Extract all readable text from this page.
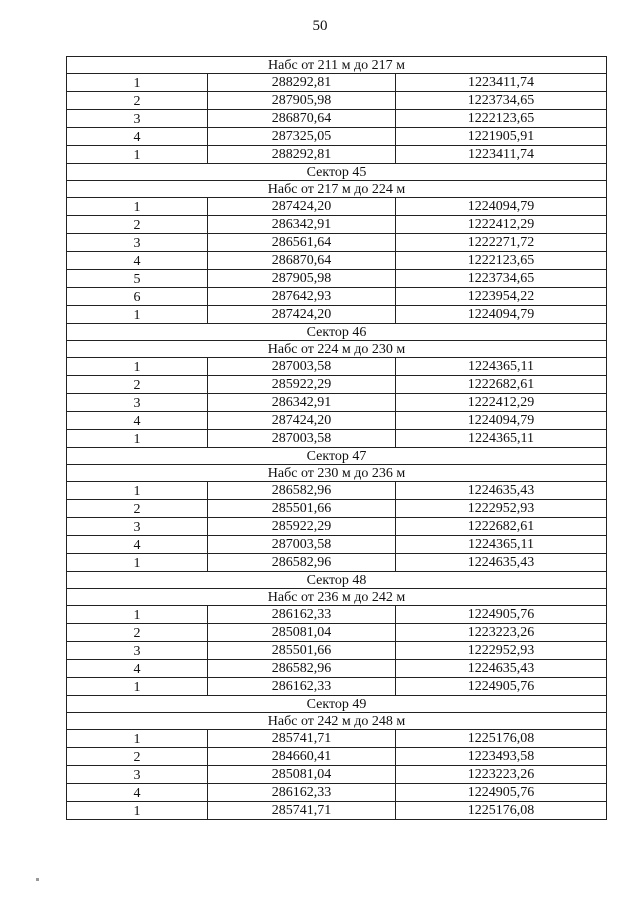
50
Набс от 211 м до 217 м		
1	288292,81	1223411,74
2	287905,98	1223734,65
3	286870,64	1222123,65
4	287325,05	1221905,91
1	288292,81	1223411,74
Сектор 45		
Набс от 217 м до 224 м		
1	287424,20	1224094,79
2	286342,91	1222412,29
3	286561,64	1222271,72
4	286870,64	1222123,65
5	287905,98	1223734,65
6	287642,93	1223954,22
1	287424,20	1224094,79
Сектор 46		
Набс от 224 м до 230 м		
1	287003,58	1224365,11
2	285922,29	1222682,61
3	286342,91	1222412,29
4	287424,20	1224094,79
1	287003,58	1224365,11
Сектор 47		
Набс от 230 м до 236 м		
1	286582,96	1224635,43
2	285501,66	1222952,93
3	285922,29	1222682,61
4	287003,58	1224365,11
1	286582,96	1224635,43
Сектор 48		
Набс от 236 м до 242 м		
1	286162,33	1224905,76
2	285081,04	1223223,26
3	285501,66	1222952,93
4	286582,96	1224635,43
1	286162,33	1224905,76
Сектор 49		
Набс от 242 м до 248 м		
1	285741,71	1225176,08
2	284660,41	1223493,58
3	285081,04	1223223,26
4	286162,33	1224905,76
1	285741,71	1225176,08
